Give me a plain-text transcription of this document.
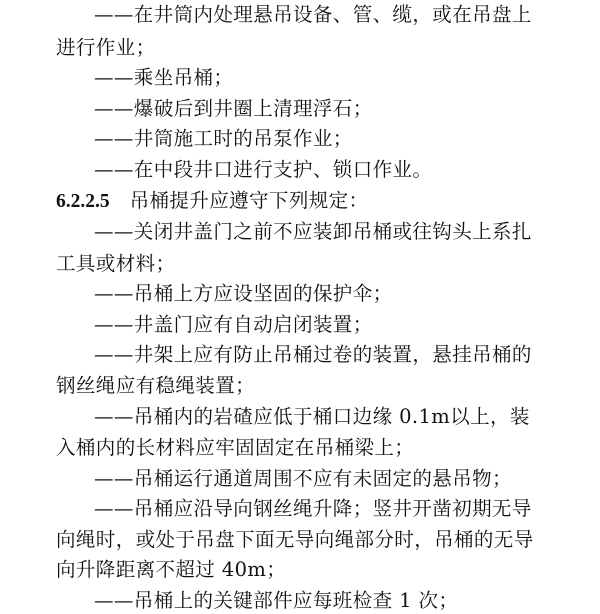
——在井筒内处理悬吊设备、管、缆，或在吊盘上
进行作业；
——乘坐吊桶；
——爆破后到井圈上清理浮石；
——井筒施工时的吊泵作业；
——在中段井口进行支护、锁口作业。
6.2.2.5 吊桶提升应遵守下列规定：
——关闭井盖门之前不应装卸吊桶或往钩头上系扎
工具或材料；
——吊桶上方应设坚固的保护伞；
——井盖门应有自动启闭装置；
——井架上应有防止吊桶过卷的装置，悬挂吊桶的
钢丝绳应有稳绳装置；
——吊桶内的岩碴应低于桶口边缘 0.1m以上，装
入桶内的长材料应牢固固定在吊桶梁上；
——吊桶运行通道周围不应有未固定的悬吊物；
——吊桶应沿导向钢丝绳升降；竖井开凿初期无导
向绳时，或处于吊盘下面无导向绳部分时，吊桶的无导
向升降距离不超过 40m；
——吊桶上的关键部件应每班检查 1 次；
